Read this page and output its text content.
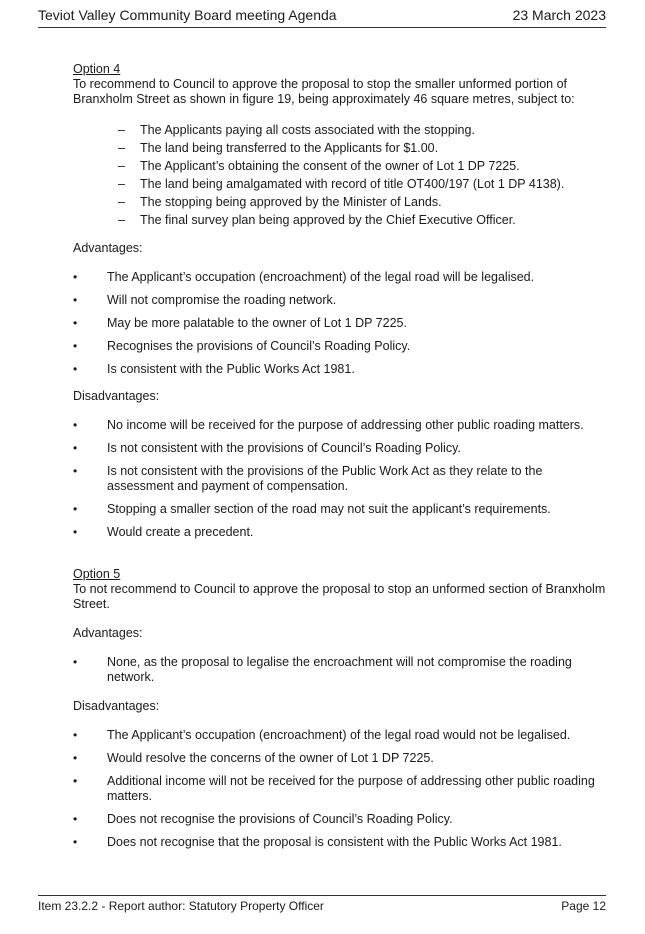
Teviot Valley Community Board meeting Agenda	23 March 2023
Option 4

To recommend to Council to approve the proposal to stop the smaller unformed portion of Branxholm Street as shown in figure 19, being approximately 46 square metres, subject to:

– The Applicants paying all costs associated with the stopping.
– The land being transferred to the Applicants for $1.00.
– The Applicant’s obtaining the consent of the owner of Lot 1 DP 7225.
– The land being amalgamated with record of title OT400/197 (Lot 1 DP 4138).
– The stopping being approved by the Minister of Lands.
– The final survey plan being approved by the Chief Executive Officer.

Advantages:

• The Applicant’s occupation (encroachment) of the legal road will be legalised.
• Will not compromise the roading network.
• May be more palatable to the owner of Lot 1 DP 7225.
• Recognises the provisions of Council’s Roading Policy.
• Is consistent with the Public Works Act 1981.

Disadvantages:

• No income will be received for the purpose of addressing other public roading matters.
• Is not consistent with the provisions of Council’s Roading Policy.
• Is not consistent with the provisions of the Public Work Act as they relate to the assessment and payment of compensation.
• Stopping a smaller section of the road may not suit the applicant’s requirements.
• Would create a precedent.
Option 5

To not recommend to Council to approve the proposal to stop an unformed section of Branxholm Street.

Advantages:

• None, as the proposal to legalise the encroachment will not compromise the roading network.

Disadvantages:

• The Applicant’s occupation (encroachment) of the legal road would not be legalised.
• Would resolve the concerns of the owner of Lot 1 DP 7225.
• Additional income will not be received for the purpose of addressing other public roading matters.
• Does not recognise the provisions of Council’s Roading Policy.
• Does not recognise that the proposal is consistent with the Public Works Act 1981.
Item 23.2.2 - Report author: Statutory Property Officer	Page 12
